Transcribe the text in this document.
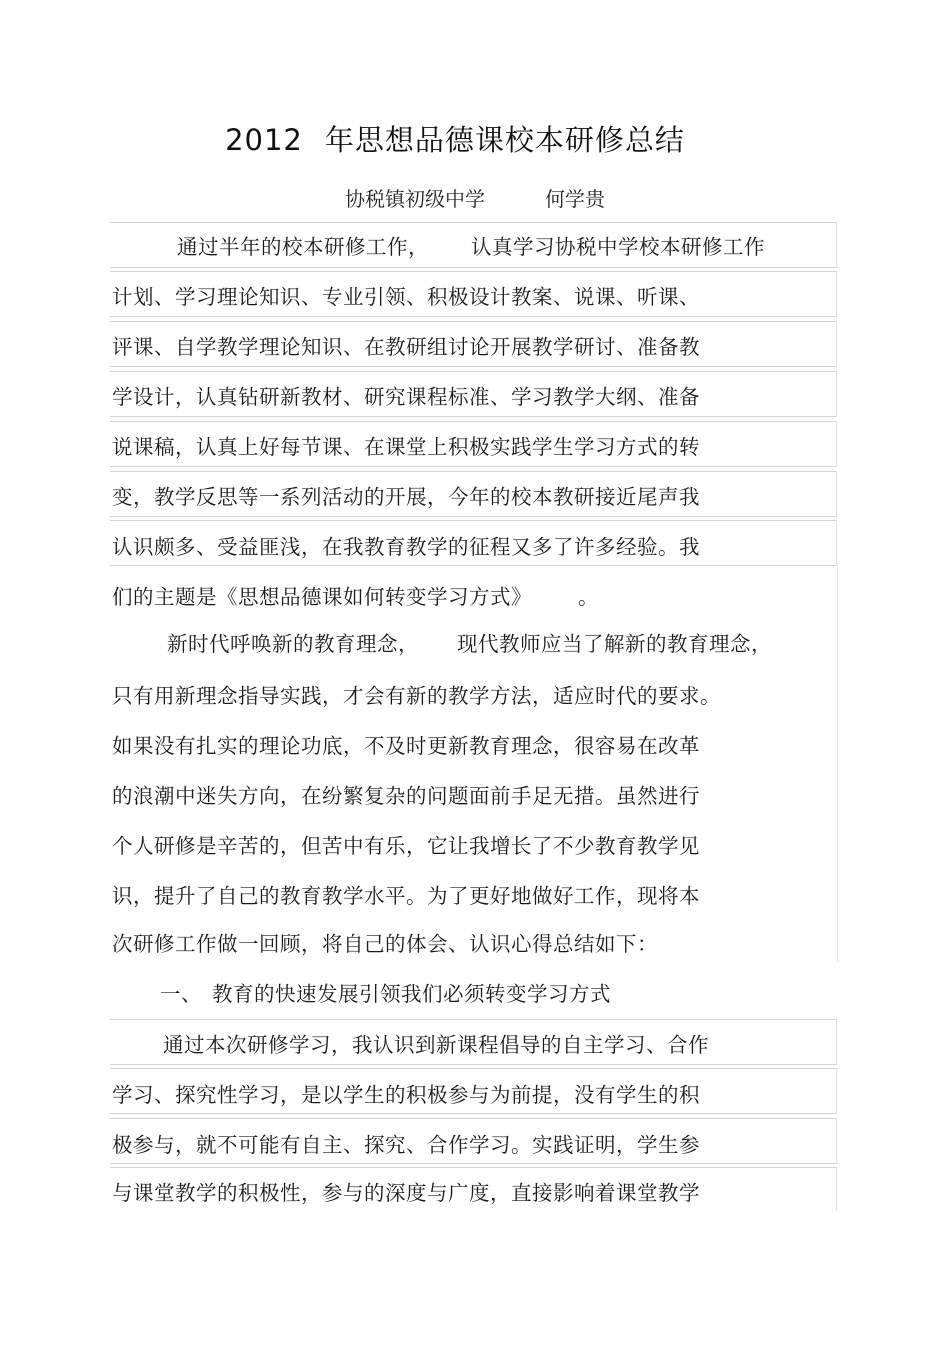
2012 年思想品德课校本研修总结
协税镇初级中学	何学贵
通过半年的校本研修工作， 认真学习协税中学校本研修工作
计划、学习理论知识、专业引领、积极设计教案、说课、听课、
评课、自学教学理论知识、在教研组讨论开展教学研讨、准备教
学设计，认真钻研新教材、研究课程标准、学习教学大纲、准备
说课稿，认真上好每节课、在课堂上积极实践学生学习方式的转
变，教学反思等一系列活动的开展，今年的校本教研接近尾声我
认识颇多、受益匪浅，在我教育教学的征程又多了许多经验。我
们的主题是《思想品德课如何转变学习方式》 。
新时代呼唤新的教育理念， 现代教师应当了解新的教育理念，
只有用新理念指导实践，才会有新的教学方法，适应时代的要求。
如果没有扎实的理论功底，不及时更新教育理念，很容易在改革
的浪潮中迷失方向，在纷繁复杂的问题面前手足无措。虽然进行
个人研修是辛苦的，但苦中有乐，它让我增长了不少教育教学见
识，提升了自己的教育教学水平。为了更好地做好工作，现将本
次研修工作做一回顾，将自己的体会、认识心得总结如下：
一、 教育的快速发展引领我们必须转变学习方式
通过本次研修学习，我认识到新课程倡导的自主学习、合作
学习、探究性学习，是以学生的积极参与为前提，没有学生的积
极参与，就不可能有自主、探究、合作学习。实践证明，学生参
与课堂教学的积极性，参与的深度与广度，直接影响着课堂教学
